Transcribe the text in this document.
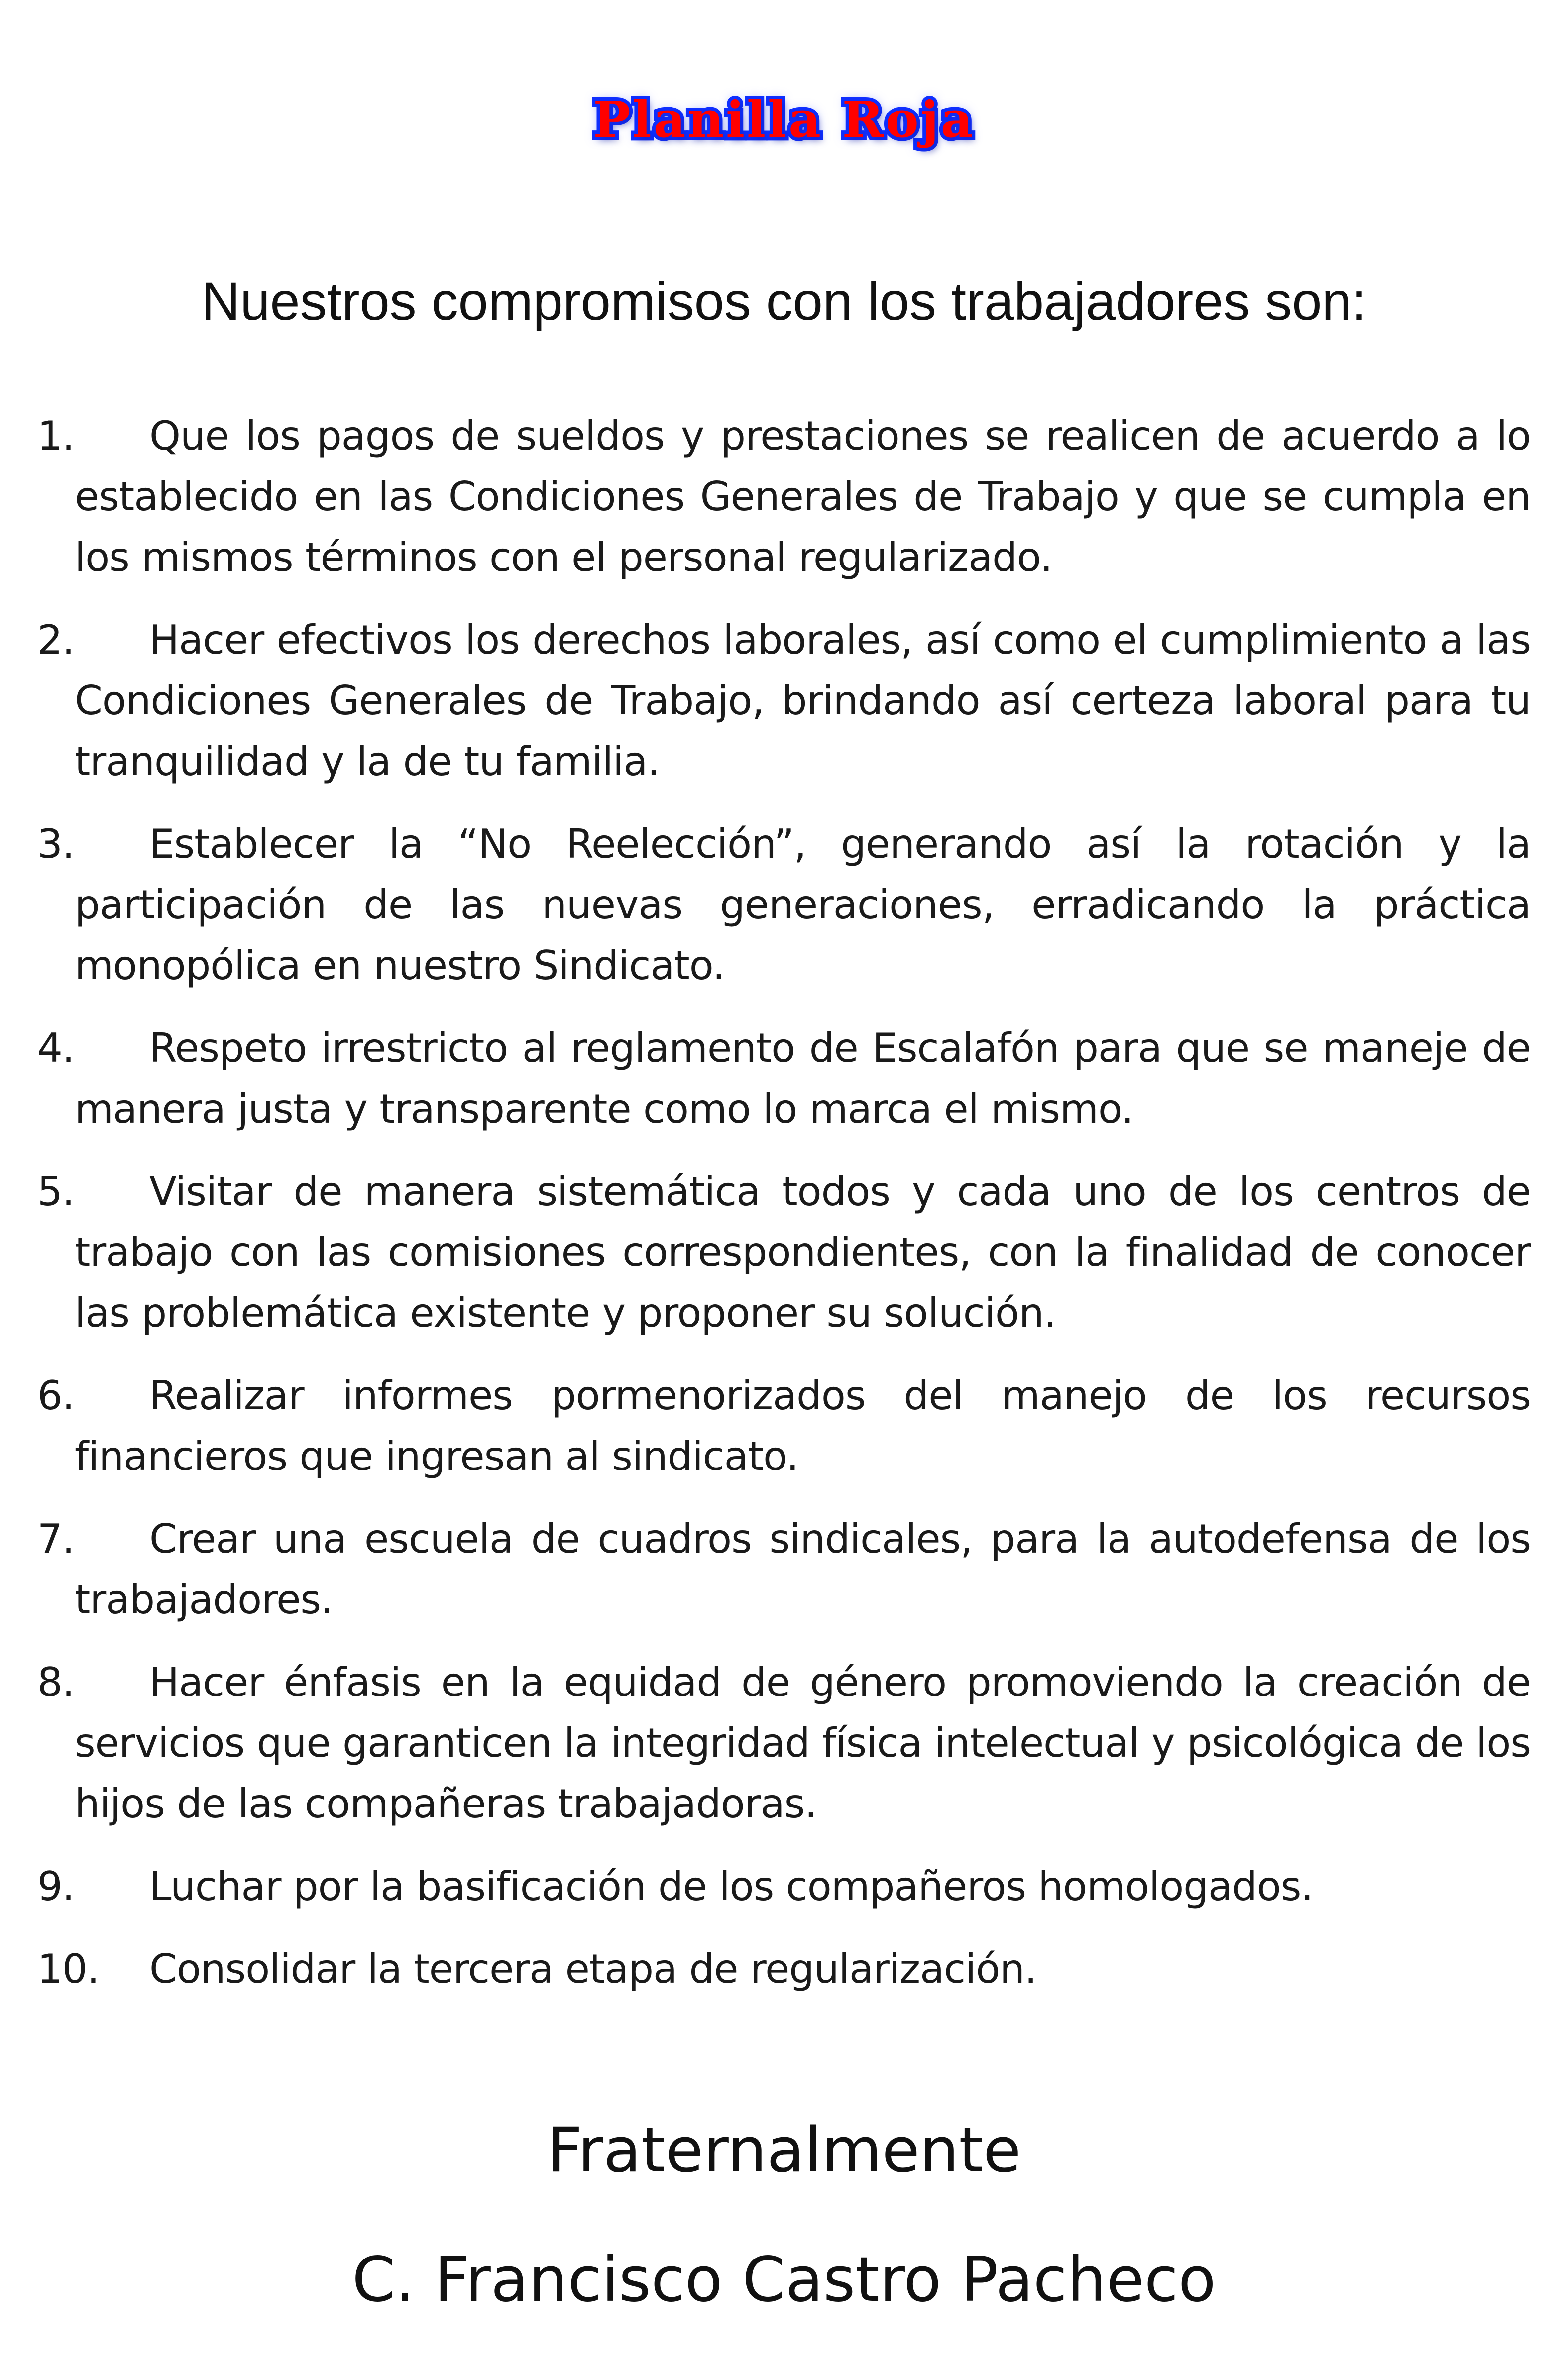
Planilla Roja
Nuestros compromisos con los trabajadores son:
1.	Que los pagos de sueldos y prestaciones se realicen de acuerdo a lo establecido en las Condiciones Generales de Trabajo y que se cumpla en los mismos términos con el personal regularizado.
2.	Hacer efectivos los derechos laborales, así como el cumplimiento a las Condiciones Generales de Trabajo, brindando así certeza laboral para tu tranquilidad y la de tu familia.
3.	Establecer la “No Reelección”, generando así la rotación y la participación de las nuevas generaciones, erradicando la práctica monopólica en nuestro Sindicato.
4.	Respeto irrestricto al reglamento de Escalafón para que se maneje de manera justa y transparente como lo marca el mismo.
5.	Visitar de manera sistemática todos y cada uno de los centros de trabajo con las comisiones correspondientes, con la finalidad de conocer las problemática existente y proponer su solución.
6.	Realizar informes pormenorizados del manejo de los recursos financieros que ingresan al sindicato.
7.	Crear una escuela de cuadros sindicales, para la autodefensa de los trabajadores.
8.	Hacer énfasis en la equidad de género promoviendo la creación de servicios que garanticen la integridad física intelectual y psicológica de los hijos de las compañeras trabajadoras.
9.	Luchar por la basificación de los compañeros homologados.
10.	Consolidar la tercera etapa de regularización.
Fraternalmente
C. Francisco Castro Pacheco
